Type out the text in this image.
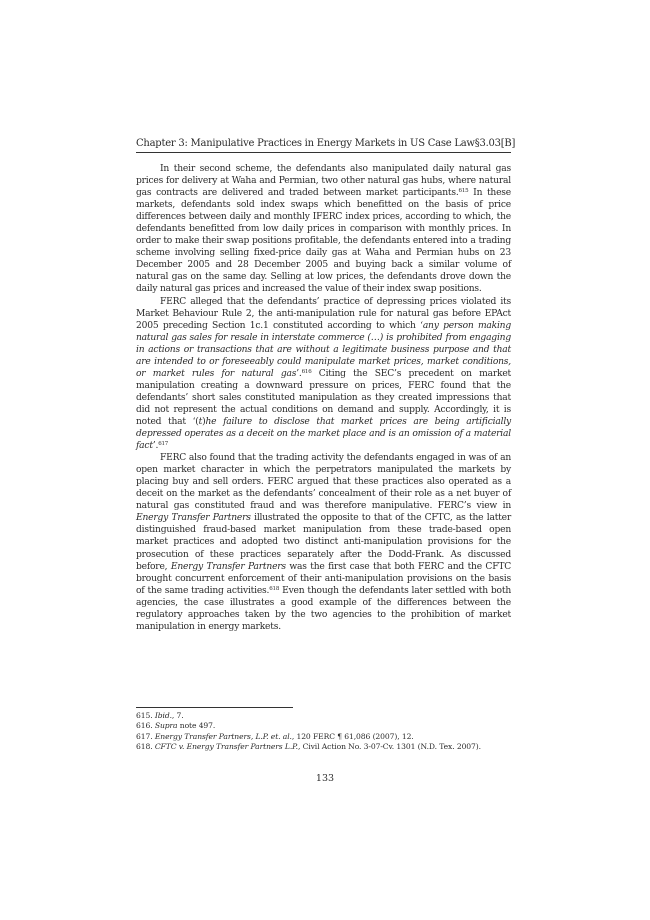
Chapter 3: Manipulative Practices in Energy Markets in US Case Law §3.03[B]

In their second scheme, the defendants also manipulated daily natural gas prices for delivery at Waha and Permian, two other natural gas hubs, where natural gas contracts are delivered and traded between market participants.$^{615}$ In these markets, defendants sold index swaps which benefitted on the basis of price differences between daily and monthly IFERC index prices, according to which, the defendants benefitted from low daily prices in comparison with monthly prices. In order to make their swap positions profitable, the defendants entered into a trading scheme involving selling fixed-price daily gas at Waha and Permian hubs on 23 December 2005 and 28 December 2005 and buying back a similar volume of natural gas on the same day. Selling at low prices, the defendants drove down the daily natural gas prices and increased the value of their index swap positions.

FERC alleged that the defendants’ practice of depressing prices violated its Market Behaviour Rule 2, the anti-manipulation rule for natural gas before EPAct 2005 preceding Section 1c.1 constituted according to which ‘any person making natural gas sales for resale in interstate commerce (…) is prohibited from engaging in actions or transactions that are without a legitimate business purpose and that are intended to or foreseeably could manipulate market prices, market conditions, or market rules for natural gas’.$^{616}$ Citing the SEC’s precedent on market manipulation creating a downward pressure on prices, FERC found that the defendants’ short sales constituted manipulation as they created impressions that did not represent the actual conditions on demand and supply. Accordingly, it is noted that ‘(t)he failure to disclose that market prices are being artificially depressed operates as a deceit on the market place and is an omission of a material fact’.$^{617}$

FERC also found that the trading activity the defendants engaged in was of an open market character in which the perpetrators manipulated the markets by placing buy and sell orders. FERC argued that these practices also operated as a deceit on the market as the defendants’ concealment of their role as a net buyer of natural gas constituted fraud and was therefore manipulative. FERC’s view in Energy Transfer Partners illustrated the opposite to that of the CFTC, as the latter distinguished fraud-based market manipulation from these trade-based open market practices and adopted two distinct anti-manipulation provisions for the prosecution of these practices separately after the Dodd-Frank. As discussed before, Energy Transfer Partners was the first case that both FERC and the CFTC brought concurrent enforcement of their anti-manipulation provisions on the basis of the same trading activities.$^{618}$ Even though the defendants later settled with both agencies, the case illustrates a good example of the differences between the regulatory approaches taken by the two agencies to the prohibition of market manipulation in energy markets.

615. Ibid., 7.
616. Supra note 497.
617. Energy Transfer Partners, L.P. et. al., 120 FERC ¶ 61,086 (2007), 12.
618. CFTC v. Energy Transfer Partners L.P., Civil Action No. 3-07-Cv. 1301 (N.D. Tex. 2007).
133
